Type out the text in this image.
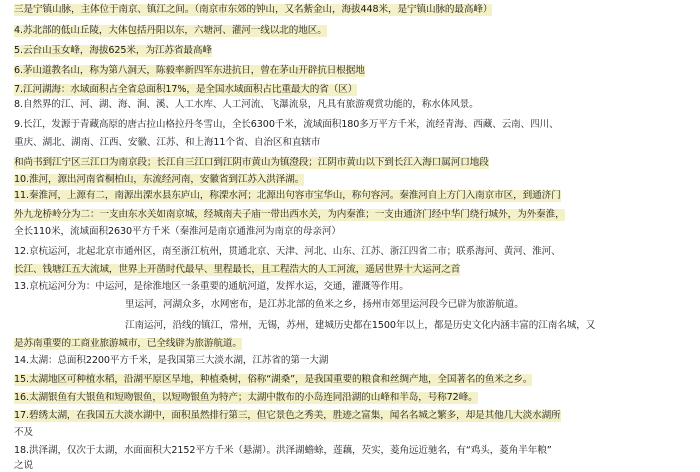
三是宁镇山脉，主体位于南京、镇江之间。（南京市东郊的钟山，又名紫金山，海拔448米，是宁镇山脉的最高峰）
4.苏北部的低山丘陵，大体包括丹阳以东，六塘河、灌河一线以北的地区。
5.云台山玉女峰，海拔625米，为江苏省最高峰
6.茅山道教名山，称为第八洞天，陈毅率新四军东进抗日，曾在茅山开辟抗日根据地
7.江河湖海：水域面积占全省总面积17%，是全国水域面积占比重最大的省（区）
8.自然界的江、河、湖、海、涧、溪、人工水库、人工河流、飞瀑流泉，凡具有旅游观赏功能的，称水体风景。
9.长江，发源于青藏高原的唐古拉山格拉丹冬雪山，全长6300千米，流域面积180多万平方千米，流经青海、西藏、云南、四川、
重庆、湖北、湖南、江西、安徽、江苏、和上海11个省、自治区和直辖市
和尚书到江宁区三江口为南京段；长江自三江口到江阴市黄山为镇澄段；江阴市黄山以下到长江入海口属河口地段
10.淮河，源出河南省桐柏山，东流经河南，安徽省到江苏入洪泽湖。
11.秦淮河，上源有二，南源出溧水县东庐山，称溧水河；北源出句容市宝华山，称句容河。秦淮河自上方门入南京市区，到通济门
外九龙桥岭分为二：一支由东水关如南京城，经城南夫子庙一带出西水关，为内秦淮；一支由通济门经中华门绕行城外，为外秦淮，
全长110米，流域面积2630平方千米（秦淮河是南京通淮河为南京的母亲河）
12.京杭运河，北起北京市通州区，南至浙江杭州，贯通北京、天津、河北、山东、江苏、浙江四省二市；联系海河、黄河、淮河、
长江、钱塘江五大流域，世界上开凿时代最早、里程最长，且工程浩大的人工河流，遥居世界十大运河之首
13.京杭运河分为：中运河，是徐淮地区一条重要的通航河道，发挥水运，交通，灌溉等作用。
里运河，河湖众多，水网密布，是江苏北部的鱼米之乡，扬州市郊里运河段今已辟为旅游航道。
江南运河，沿线的镇江，常州，无锡，苏州，建城历史都在1500年以上，都是历史文化内涵丰富的江南名城，又
是苏南重要的工商业旅游城市，已全线辟为旅游航道。
14.太湖：总面积2200平方千米，是我国第三大淡水湖，江苏省的第一大湖
15.太湖地区可种植水稻，沿湖平原区旱地，种植桑树，俗称“湖桑”，是我国重要的粮食和丝绸产地，全国著名的鱼米之乡。
16.太湖银鱼有大银鱼和短吻银鱼，以短吻银鱼为特产；太湖中散布的小岛连同沿湖的山峰和半岛，号称72峰。
17.碧绣太湖，在我国五大淡水湖中，面积虽然排行第三，但它景色之秀美，胜迹之富集，闻名名城之繁多，却是其他几大淡水湖所
不及
18.洪泽湖，仅次于太湖，水面面积大2152平方千米（悬湖）。洪泽湖蟾蜍，莲藕，芡实，菱角远近驰名，有“鸡头，菱角半年粮”
之说
